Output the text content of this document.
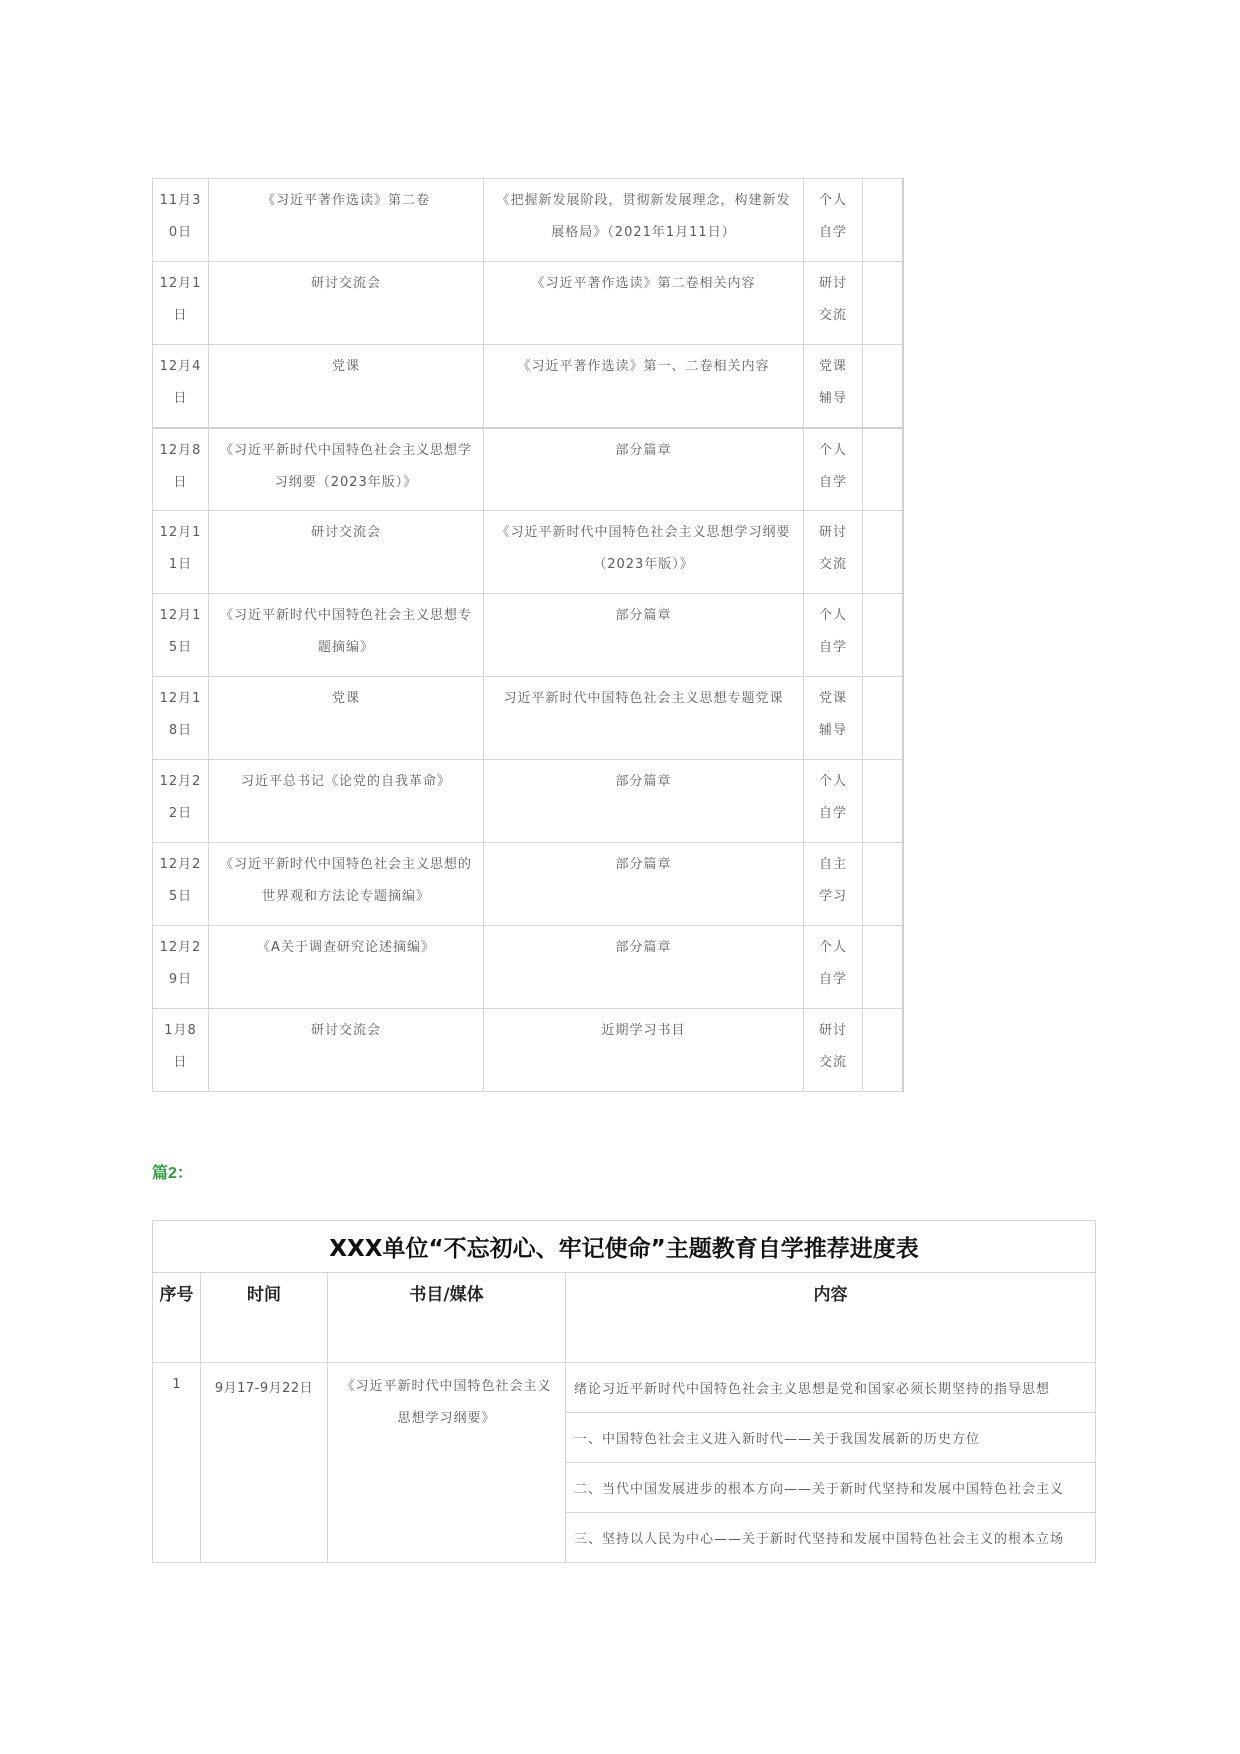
11月30日	《习近平著作选读》第二卷	《把握新发展阶段，贯彻新发展理念，构建新发展格局》（2021年1月11日）	个人自学	
12月1日	研讨交流会	《习近平著作选读》第二卷相关内容	研讨交流	
12月4日	党课	《习近平著作选读》第一、二卷相关内容	党课辅导	
12月8日	《习近平新时代中国特色社会主义思想学习纲要（2023年版）》	部分篇章	个人自学	
12月11日	研讨交流会	《习近平新时代中国特色社会主义思想学习纲要（2023年版）》	研讨交流	
12月15日	《习近平新时代中国特色社会主义思想专题摘编》	部分篇章	个人自学	
12月18日	党课	习近平新时代中国特色社会主义思想专题党课	党课辅导	
12月22日	习近平总书记《论党的自我革命》	部分篇章	个人自学	
12月25日	《习近平新时代中国特色社会主义思想的世界观和方法论专题摘编》	部分篇章	自主学习	
12月29日	《A关于调查研究论述摘编》	部分篇章	个人自学	
1月8日	研讨交流会	近期学习书目	研讨交流	
篇2：
XXX单位“不忘初心、牢记使命”主题教育自学推荐进度表			
序号	时间	书目/媒体	内容
1	9月17-9月22日	《习近平新时代中国特色社会主义思想学习纲要》	绪论习近平新时代中国特色社会主义思想是党和国家必须长期坚持的指导思想
			一、中国特色社会主义进入新时代——关于我国发展新的历史方位
			二、当代中国发展进步的根本方向——关于新时代坚持和发展中国特色社会主义
			三、坚持以人民为中心——关于新时代坚持和发展中国特色社会主义的根本立场
